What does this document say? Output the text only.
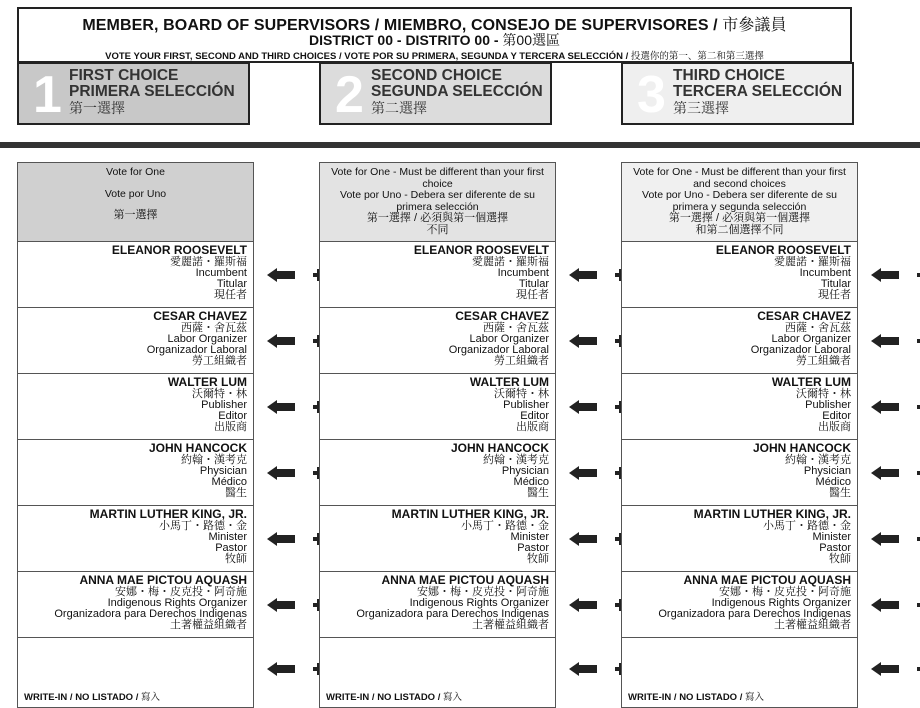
MEMBER, BOARD OF SUPERVISORS / MIEMBRO, CONSEJO DE SUPERVISORES / 市參議員
DISTRICT 00 - DISTRITO 00 - 第00選區
VOTE YOUR FIRST, SECOND AND THIRD CHOICES / VOTE POR SU PRIMERA, SEGUNDA Y TERCERA SELECCIÓN / 投選你的第一、第二和第三選擇
1 FIRST CHOICE
PRIMERA SELECCIÓN
第一選擇	2 SECOND CHOICE
SEGUNDA SELECCIÓN
第二選擇	3 THIRD CHOICE
TERCERA SELECCIÓN
第三選擇
Vote for One
Vote por Uno
第一選擇
ELEANOR ROOSEVELT
愛麗諾・羅斯福
Incumbent
Titular
現任者
CESAR CHAVEZ
西薩・舍瓦茲
Labor Organizer
Organizador Laboral
勞工組織者
WALTER LUM
沃爾特・林
Publisher
Editor
出版商
JOHN HANCOCK
約翰・漢考克
Physician
Médico
醫生
MARTIN LUTHER KING, JR.
小馬丁・路德・金
Minister
Pastor
牧師
ANNA MAE PICTOU AQUASH
安娜・梅・皮克投・阿奇施
Indigenous Rights Organizer
Organizadora para Derechos Indigenas
土著權益組織者
WRITE-IN / NO LISTADO / 寫入
Vote for One - Must be different than your first choice
Vote por Uno - Debera ser diferente de su primera selección
第一選擇 / 必須與第一個選擇
不同
ELEANOR ROOSEVELT
愛麗諾・羅斯福
Incumbent
Titular
現任者
CESAR CHAVEZ
西薩・舍瓦茲
Labor Organizer
Organizador Laboral
勞工組織者
WALTER LUM
沃爾特・林
Publisher
Editor
出版商
JOHN HANCOCK
約翰・漢考克
Physician
Médico
醫生
MARTIN LUTHER KING, JR.
小馬丁・路德・金
Minister
Pastor
牧師
ANNA MAE PICTOU AQUASH
安娜・梅・皮克投・阿奇施
Indigenous Rights Organizer
Organizadora para Derechos Indigenas
土著權益組織者
WRITE-IN / NO LISTADO / 寫入
Vote for One - Must be different than your first and second choices
Vote por Uno - Debera ser diferente de su primera y segunda selección
第一選擇 / 必須與第一個選擇
和第二個選擇不同
ELEANOR ROOSEVELT
愛麗諾・羅斯福
Incumbent
Titular
現任者
CESAR CHAVEZ
西薩・舍瓦茲
Labor Organizer
Organizador Laboral
勞工組織者
WALTER LUM
沃爾特・林
Publisher
Editor
出版商
JOHN HANCOCK
約翰・漢考克
Physician
Médico
醫生
MARTIN LUTHER KING, JR.
小馬丁・路德・金
Minister
Pastor
牧師
ANNA MAE PICTOU AQUASH
安娜・梅・皮克投・阿奇施
Indigenous Rights Organizer
Organizadora para Derechos Indigenas
土著權益組織者
WRITE-IN / NO LISTADO / 寫入
